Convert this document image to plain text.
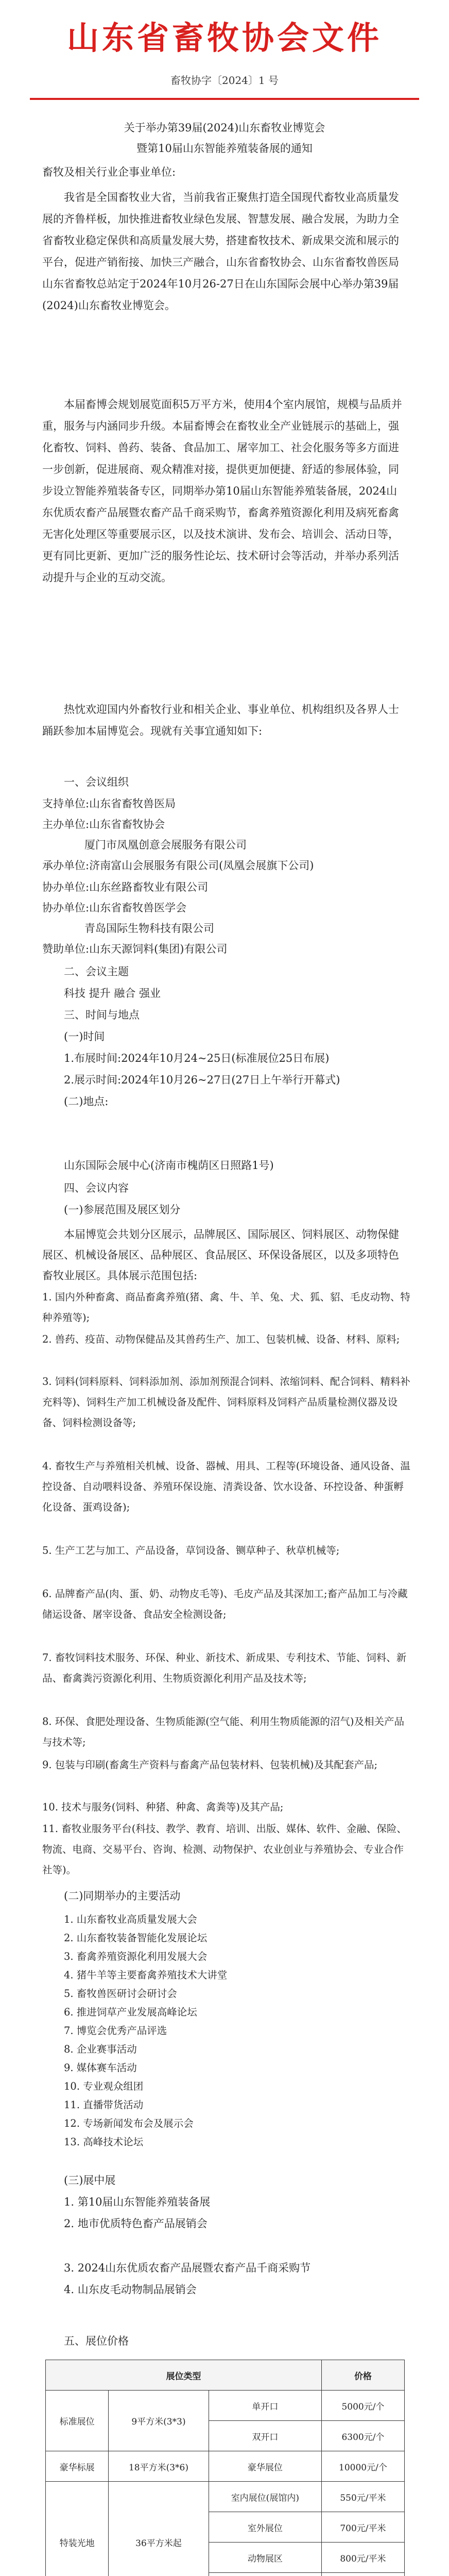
山东省畜牧协会文件
畜牧协字〔2024〕1 号
关于举办第39届(2024)山东畜牧业博览会
暨第10届山东智能养殖装备展的通知
畜牧及相关行业企事业单位:
我省是全国畜牧业大省，当前我省正聚焦打造全国现代畜牧业高质量发展的齐鲁样板，加快推进畜牧业绿色发展、智慧发展、融合发展，为助力全省畜牧业稳定保供和高质量发展大势，搭建畜牧技术、新成果交流和展示的平台，促进产销衔接、加快三产融合，山东省畜牧协会、山东省畜牧兽医局山东省畜牧总站定于2024年10月26-27日在山东国际会展中心举办第39届(2024)山东畜牧业博览会。
本届畜博会规划展览面积5万平方米，使用4个室内展馆，规模与品质并重，服务与内涵同步升级。本届畜博会在畜牧业全产业链展示的基础上，强化畜牧、饲料、兽药、装备、食品加工、屠宰加工、社会化服务等多方面进一步创新，促进展商、观众精准对接，提供更加便捷、舒适的参展体验，同步设立智能养殖装备专区，同期举办第10届山东智能养殖装备展，2024山东优质农畜产品展暨农畜产品千商采购节，畜禽养殖资源化利用及病死畜禽无害化处理区等重要展示区，以及技术演讲、发布会、培训会、活动日等，更有同比更新、更加广泛的服务性论坛、技术研讨会等活动，并举办系列活动提升与企业的互动交流。
热忱欢迎国内外畜牧行业和相关企业、事业单位、机构组织及各界人士踊跃参加本届博览会。现就有关事宜通知如下:
一、会议组织
支持单位:山东省畜牧兽医局
主办单位:山东省畜牧协会
厦门市凤凰创意会展服务有限公司
承办单位:济南富山会展服务有限公司(凤凰会展旗下公司)
协办单位:山东丝路畜牧业有限公司
协办单位:山东省畜牧兽医学会
青岛国际生物科技有限公司
赞助单位:山东天源饲料(集团)有限公司
二、会议主题
科技 提升 融合 强业
三、时间与地点
(一)时间
1.布展时间:2024年10月24~25日(标准展位25日布展)
2.展示时间:2024年10月26~27日(27日上午举行开幕式)
(二)地点:
山东国际会展中心(济南市槐荫区日照路1号)
四、会议内容
(一)参展范围及展区划分
本届博览会共划分区展示，品牌展区、国际展区、饲料展区、动物保健展区、机械设备展区、品种展区、食品展区、环保设备展区，以及多项特色畜牧业展区。具体展示范围包括:
1. 国内外种畜禽、商品畜禽养殖(猪、禽、牛、羊、兔、犬、狐、貂、毛皮动物、特种养殖等);
2. 兽药、疫苗、动物保健品及其兽药生产、加工、包装机械、设备、材料、原料;
3. 饲料(饲料原料、饲料添加剂、添加剂预混合饲料、浓缩饲料、配合饲料、精料补充料等)、饲料生产加工机械设备及配件、饲料原料及饲料产品质量检测仪器及设备、饲料检测设备等;
4. 畜牧生产与养殖相关机械、设备、器械、用具、工程等(环境设备、通风设备、温控设备、自动喂料设备、养殖环保设施、清粪设备、饮水设备、环控设备、种蛋孵化设备、蛋鸡设备);
5. 生产工艺与加工、产品设备，草饲设备、铡草种子、秋草机械等;
6. 品牌畜产品(肉、蛋、奶、动物皮毛等)、毛皮产品及其深加工;畜产品加工与冷藏储运设备、屠宰设备、食品安全检测设备;
7. 畜牧饲料技术服务、环保、种业、新技术、新成果、专利技术、节能、饲料、新品、畜禽粪污资源化利用、生物质资源化利用产品及技术等;
8. 环保、食肥处理设备、生物质能源(空气能、利用生物质能源的沼气)及相关产品与技术等;
9. 包装与印刷(畜禽生产资料与畜禽产品包装材料、包装机械)及其配套产品;
10. 技术与服务(饲料、种猪、种禽、禽粪等)及其产品;
11. 畜牧业服务平台(科技、教学、教育、培训、出版、媒体、软件、金融、保险、物流、电商、交易平台、咨询、检测、动物保护、农业创业与养殖协会、专业合作社等)。
(二)同期举办的主要活动
1. 山东畜牧业高质量发展大会
2. 山东畜牧装备智能化发展论坛
3. 畜禽养殖资源化利用发展大会
4. 猪牛羊等主要畜禽养殖技术大讲堂
5. 畜牧兽医研讨会研讨会
6. 推进饲草产业发展高峰论坛
7. 博览会优秀产品评选
8. 企业赛事活动
9. 媒体赛车活动
10. 专业观众组团
11. 直播带货活动
12. 专场新闻发布会及展示会
13. 高峰技术论坛
(三)展中展
1. 第10届山东智能养殖装备展
2. 地市优质特色畜产品展销会
3. 2024山东优质农畜产品展暨农畜产品千商采购节
4. 山东皮毛动物制品展销会
五、展位价格
展位类型			价格
标准展位	9平方米(3*3)	单开口	5000元/个
		双开口	6300元/个
豪华标展	18平方米(3*6)	豪华展位	10000元/个
特装光地	36平方米起	室内展位(展馆内)	550元/平米
		室外展位	700元/平米
		动物展区	800元/平米
